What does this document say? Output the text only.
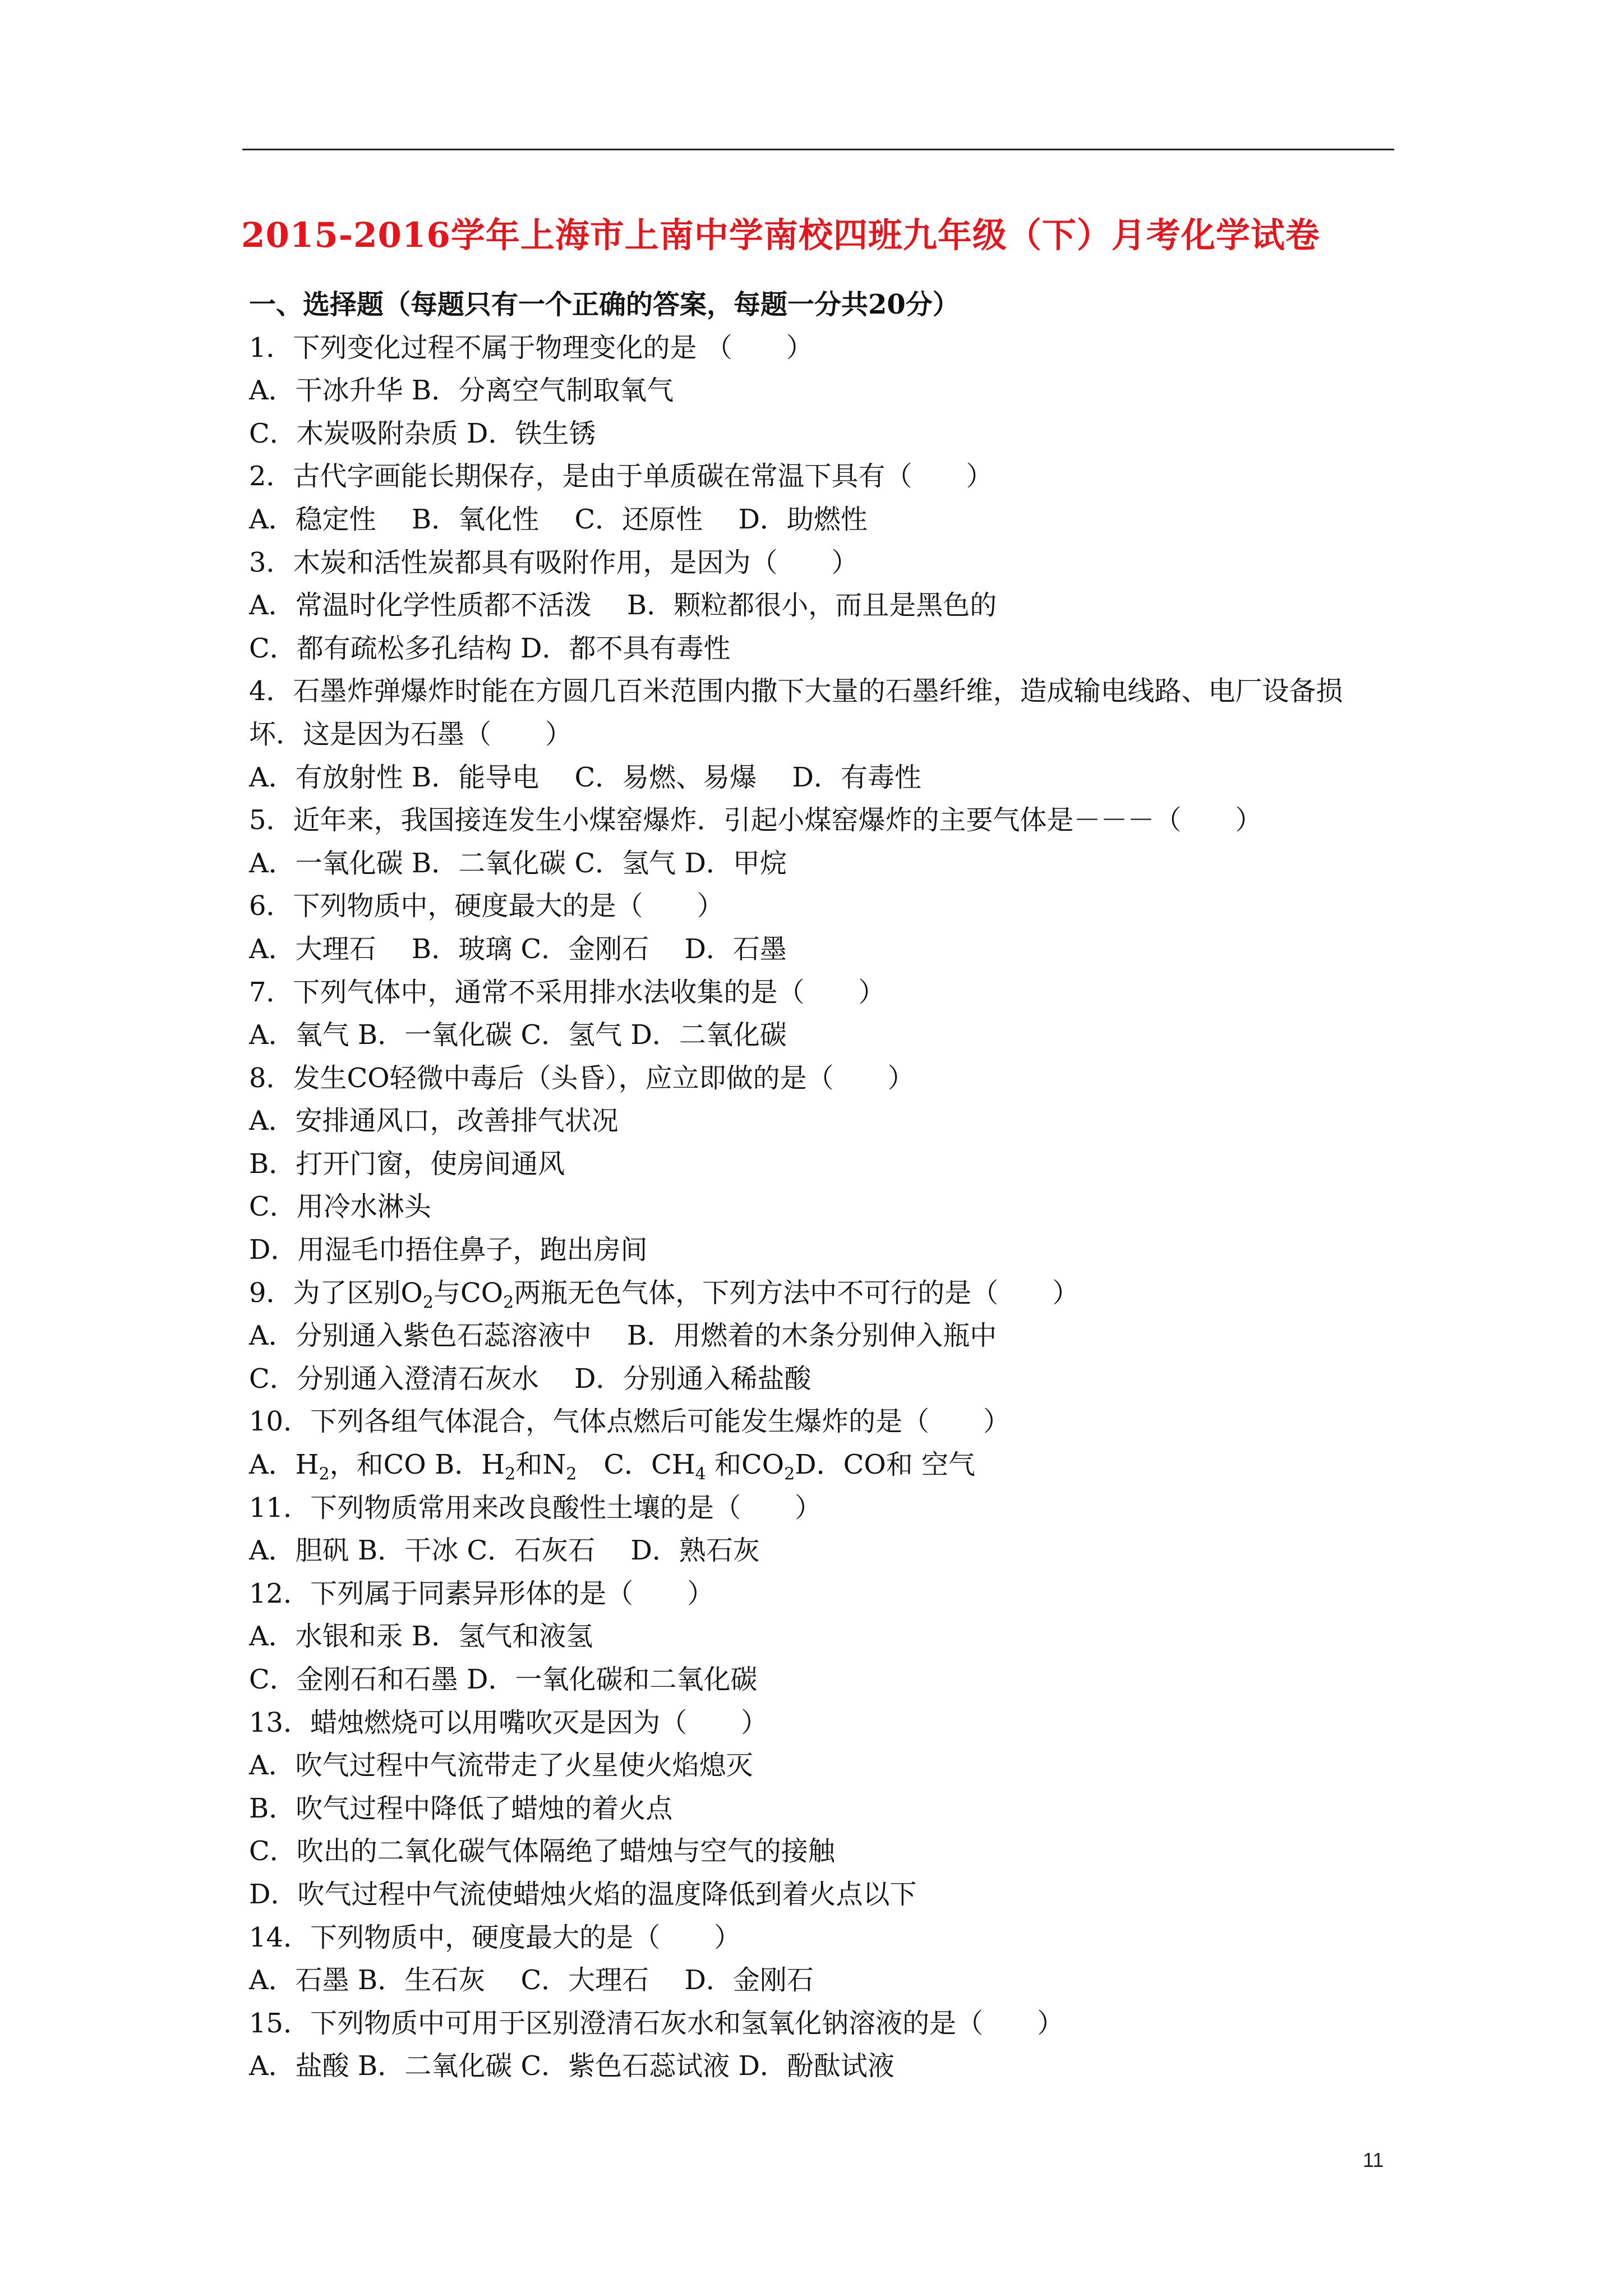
2015-2016学年上海市上南中学南校四班九年级（下）月考化学试卷
一、选择题（每题只有一个正确的答案，每题一分共20分）
1．下列变化过程不属于物理变化的是 （　　）
A．干冰升华 B．分离空气制取氧气
C．木炭吸附杂质 D．铁生锈
2．古代字画能长期保存，是由于单质碳在常温下具有（　　）
A．稳定性　 B．氧化性　 C．还原性　 D．助燃性
3．木炭和活性炭都具有吸附作用，是因为（　　）
A．常温时化学性质都不活泼　 B．颗粒都很小，而且是黑色的
C．都有疏松多孔结构 D．都不具有毒性
4．石墨炸弹爆炸时能在方圆几百米范围内撒下大量的石墨纤维，造成输电线路、电厂设备损坏．这是因为石墨（　　）
A．有放射性 B．能导电　 C．易燃、易爆　 D．有毒性
5．近年来，我国接连发生小煤窑爆炸．引起小煤窑爆炸的主要气体是－－－（　　）
A．一氧化碳 B．二氧化碳 C．氢气 D．甲烷
6．下列物质中，硬度最大的是（　　）
A．大理石　 B．玻璃 C．金刚石　 D．石墨
7．下列气体中，通常不采用排水法收集的是（　　）
A．氧气 B．一氧化碳 C．氢气 D．二氧化碳
8．发生CO轻微中毒后（头昏），应立即做的是（　　）
A．安排通风口，改善排气状况
B．打开门窗，使房间通风
C．用冷水淋头
D．用湿毛巾捂住鼻子，跑出房间
9．为了区别$O_2$与$CO_2$两瓶无色气体，下列方法中不可行的是（　　）
A．分别通入紫色石蕊溶液中　 B．用燃着的木条分别伸入瓶中
C．分别通入澄清石灰水　 D．分别通入稀盐酸
10．下列各组气体混合，气体点燃后可能发生爆炸的是（　　）
A．$H_2$，和CO B．$H_2$和$N_2$　C．$CH_4$ 和$CO_2D$．CO和 空气
11．下列物质常用来改良酸性土壤的是（　　）
A．胆矾 B．干冰 C．石灰石　 D．熟石灰
12．下列属于同素异形体的是（　　）
A．水银和汞 B．氢气和液氢
C．金刚石和石墨 D．一氧化碳和二氧化碳
13．蜡烛燃烧可以用嘴吹灭是因为（　　）
A．吹气过程中气流带走了火星使火焰熄灭
B．吹气过程中降低了蜡烛的着火点
C．吹出的二氧化碳气体隔绝了蜡烛与空气的接触
D．吹气过程中气流使蜡烛火焰的温度降低到着火点以下
14．下列物质中，硬度最大的是（　　）
A．石墨 B．生石灰　 C．大理石　 D．金刚石
15．下列物质中可用于区别澄清石灰水和氢氧化钠溶液的是（　　）
A．盐酸 B．二氧化碳 C．紫色石蕊试液 D．酚酞试液
11
